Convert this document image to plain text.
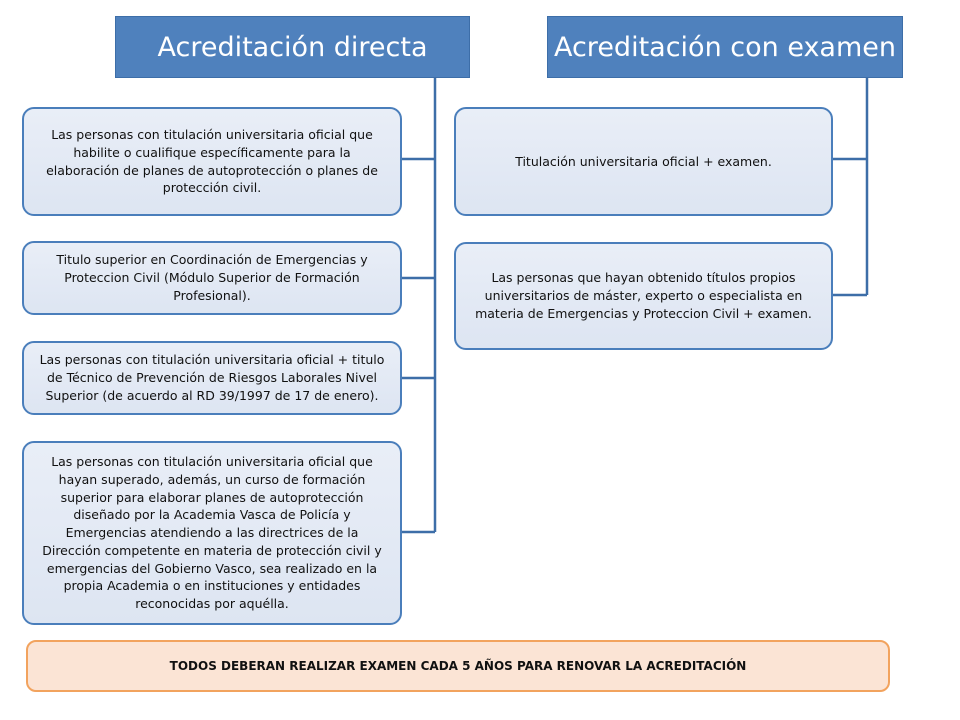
Acreditación directa	Acreditación con examen
Las personas con titulación universitaria oficial que habilite o cualifique específicamente para la elaboración de planes de autoprotección o planes de protección civil.
Titulo superior en Coordinación de Emergencias y Proteccion Civil (Módulo Superior de Formación Profesional).
Las personas con titulación universitaria oficial + titulo de Técnico de Prevención de Riesgos Laborales Nivel Superior (de acuerdo al RD 39/1997 de 17 de enero).
Las personas con titulación universitaria oficial que hayan superado, además, un curso de formación superior para elaborar planes de autoprotección diseñado por la Academia Vasca de Policía y Emergencias atendiendo a las directrices de la Dirección competente en materia de protección civil y emergencias del Gobierno Vasco, sea realizado en la propia Academia o en instituciones y entidades reconocidas por aquélla.
Titulación universitaria oficial + examen.
Las personas que hayan obtenido títulos propios universitarios de máster, experto o especialista en materia de Emergencias y Proteccion Civil + examen.
TODOS DEBERAN REALIZAR EXAMEN CADA 5 AÑOS PARA RENOVAR LA ACREDITACIÓN
